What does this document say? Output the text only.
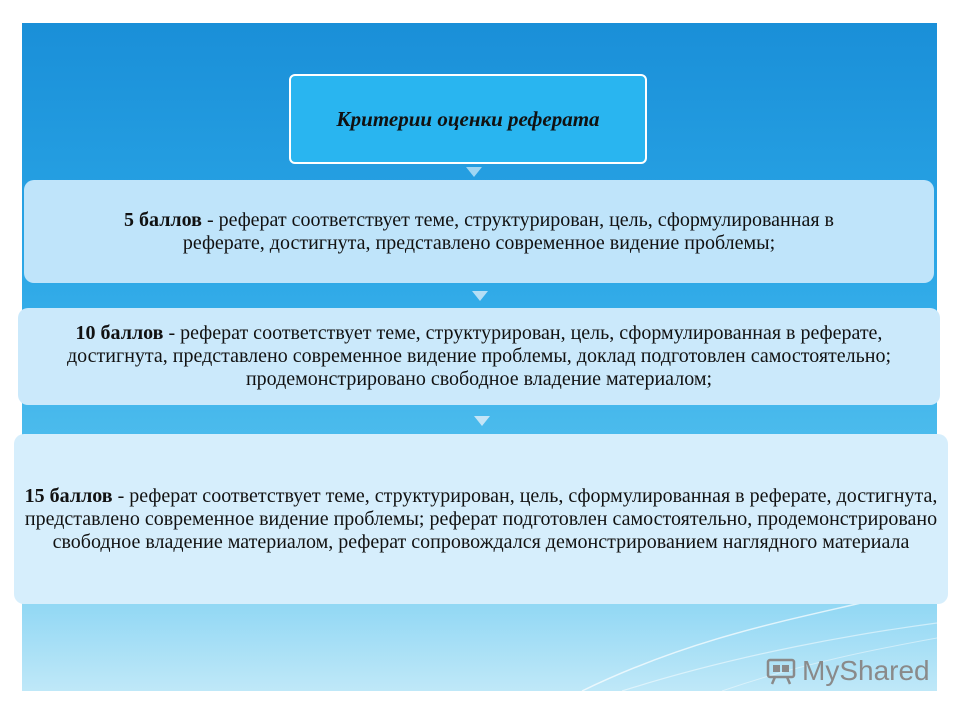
Критерии оценки реферата
5 баллов - реферат соответствует теме, структурирован, цель, сформулированная в реферате, достигнута, представлено современное видение проблемы;
10 баллов - реферат соответствует теме, структурирован, цель, сформулированная в реферате, достигнута, представлено современное видение проблемы, доклад подготовлен самостоятельно; продемонстрировано свободное владение материалом;
15 баллов - реферат соответствует теме, структурирован, цель, сформулированная в реферате, достигнута, представлено современное видение проблемы; реферат подготовлен самостоятельно, продемонстрировано свободное владение материалом, реферат сопровождался демонстрированием наглядного материала
MyShared
